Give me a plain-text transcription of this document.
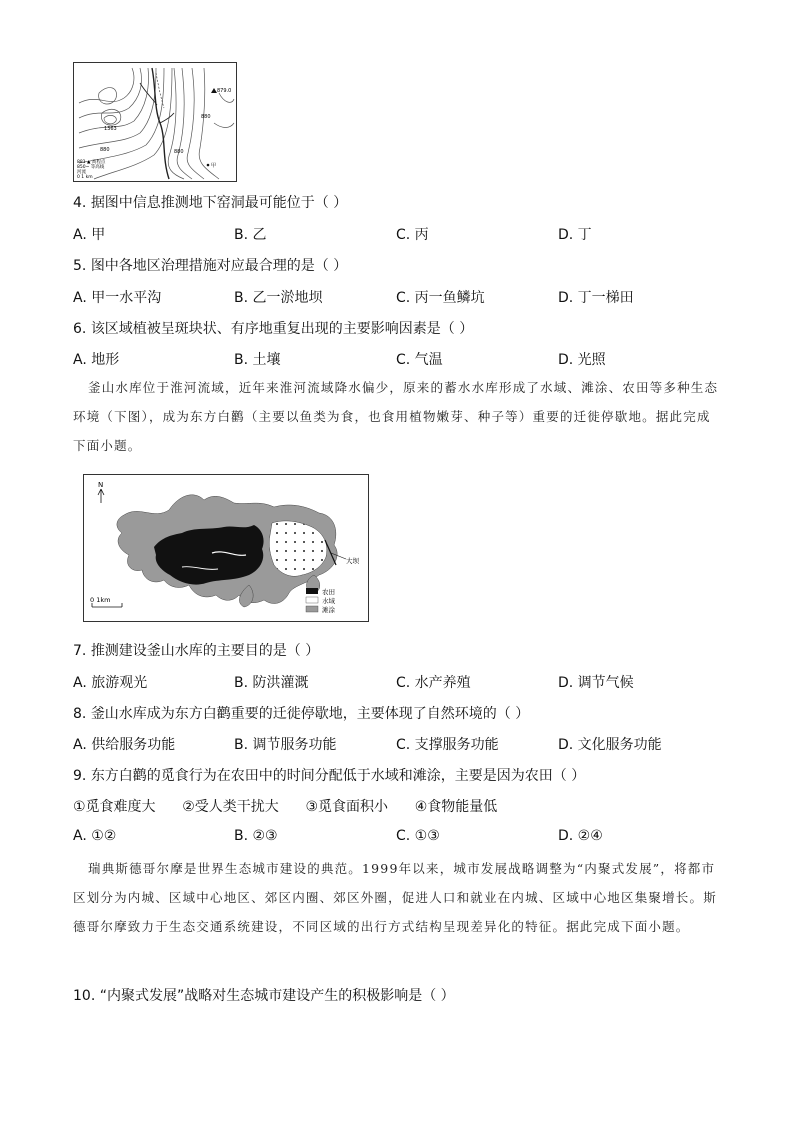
879.0
880
880
880
1363
甲
881 ▲ 高程点
850~ 等高线
河流
0 1 km
4. 据图中信息推测地下窑洞最可能位于（ ）
A. 甲	B. 乙	C. 丙	D. 丁
5. 图中各地区治理措施对应最合理的是（ ）
A. 甲一水平沟	B. 乙一淤地坝	C. 丙一鱼鳞坑	D. 丁一梯田
6. 该区域植被呈斑块状、有序地重复出现的主要影响因素是（ ）
A. 地形	B. 土壤	C. 气温	D. 光照
釜山水库位于淮河流域，近年来淮河流域降水偏少，原来的蓄水水库形成了水域、滩涂、农田等多种生态环境（下图），成为东方白鹳（主要以鱼类为食，也食用植物嫩芽、种子等）重要的迁徙停歇地。据此完成下面小题。
N
大坝
0 1km
农田
水域
滩涂
7. 推测建设釜山水库的主要目的是（ ）
A. 旅游观光	B. 防洪灌溉	C. 水产养殖	D. 调节气候
8. 釜山水库成为东方白鹳重要的迁徙停歇地，主要体现了自然环境的（ ）
A. 供给服务功能	B. 调节服务功能	C. 支撑服务功能	D. 文化服务功能
9. 东方白鹳的觅食行为在农田中的时间分配低于水域和滩涂，主要是因为农田（ ）
①觅食难度大      ②受人类干扰大      ③觅食面积小      ④食物能量低
A. ①②	B. ②③	C. ①③	D. ②④
瑞典斯德哥尔摩是世界生态城市建设的典范。1999年以来，城市发展战略调整为“内聚式发展”，将都市区划分为内城、区域中心地区、郊区内圈、郊区外圈，促进人口和就业在内城、区域中心地区集聚增长。斯德哥尔摩致力于生态交通系统建设，不同区域的出行方式结构呈现差异化的特征。据此完成下面小题。
10. “内聚式发展”战略对生态城市建设产生的积极影响是（ ）
